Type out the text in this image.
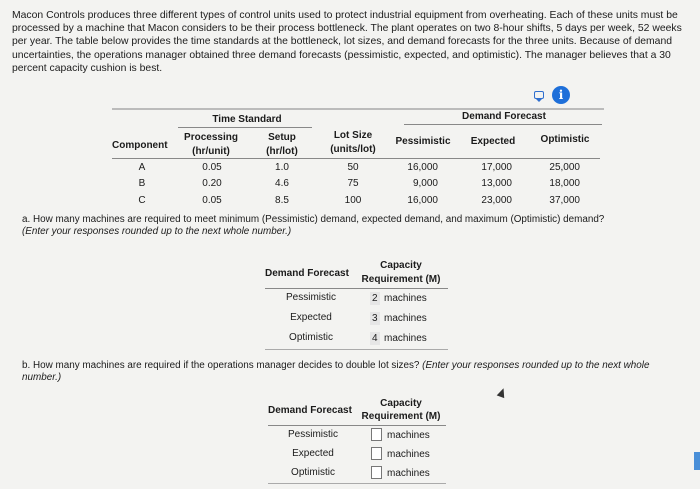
Macon Controls produces three different types of control units used to protect industrial equipment from overheating. Each of these units must be processed by a machine that Macon considers to be their process bottleneck. The plant operates on two 8-hour shifts, 5 days per week, 52 weeks per year. The table below provides the time standards at the bottleneck, lot sizes, and demand forecasts for the three units. Because of demand uncertainties, the operations manager obtained three demand forecasts (pessimistic, expected, and optimistic). The manager believes that a 30 percent capacity cushion is best.

i
Time Standard	Demand Forecast
Component
Processing
(hr/unit)
Setup
(hr/lot)
Lot Size
(units/lot)
Pessimistic	Expected	Optimistic
A	0.05	1.0	50	16,000	17,000	25,000
B	0.20	4.6	75	9,000	13,000	18,000
C	0.05	8.5	100	16,000	23,000	37,000
a. How many machines are required to meet minimum (Pessimistic) demand, expected demand, and maximum (Optimistic) demand?
(Enter your responses rounded up to the next whole number.)
Demand Forecast
Capacity
Requirement (M)
Pessimistic	2 machines
Expected	3 machines
Optimistic	4 machines
b. How many machines are required if the operations manager decides to double lot sizes? (Enter your responses rounded up to the next whole number.)
Demand Forecast
Capacity
Requirement (M)
Pessimistic	machines
Expected	machines
Optimistic	machines
